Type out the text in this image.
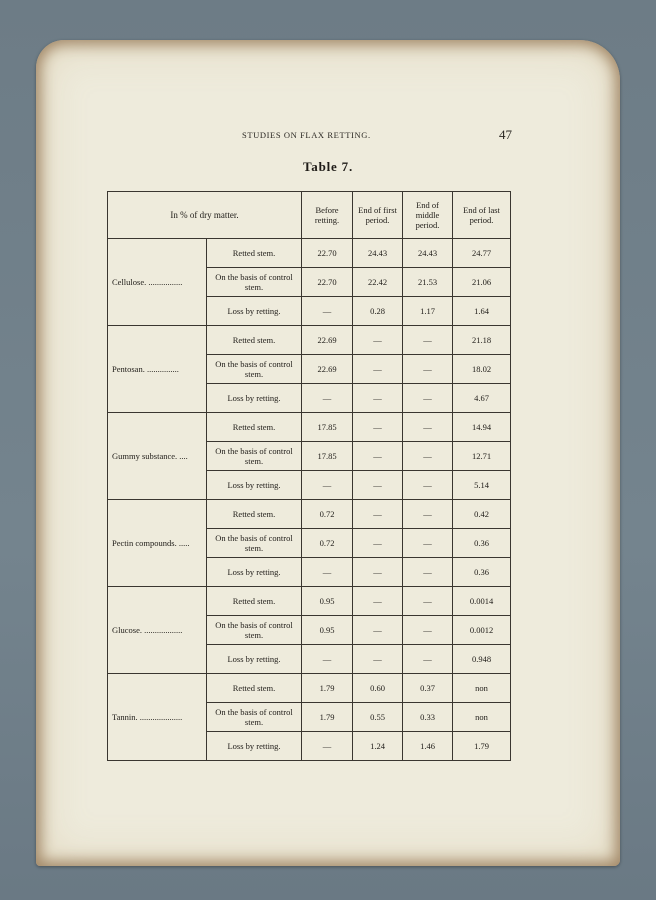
STUDIES ON FLAX RETTING.	47
Table 7.
In % of dry matter.		Before retting.	End of first period.	End of middle period.	End of last period.
Cellulose. ................	Retted stem.	22.70	24.43	24.43	24.77
	On the basis of control stem.	22.70	22.42	21.53	21.06
	Loss by retting.	—	0.28	1.17	1.64
Pentosan. ...............	Retted stem.	22.69	—	—	21.18
	On the basis of control stem.	22.69	—	—	18.02
	Loss by retting.	—	—	—	4.67
Gummy substance. ....	Retted stem.	17.85	—	—	14.94
	On the basis of control stem.	17.85	—	—	12.71
	Loss by retting.	—	—	—	5.14
Pectin compounds. .....	Retted stem.	0.72	—	—	0.42
	On the basis of control stem.	0.72	—	—	0.36
	Loss by retting.	—	—	—	0.36
Glucose. ..................	Retted stem.	0.95	—	—	0.0014
	On the basis of control stem.	0.95	—	—	0.0012
	Loss by retting.	—	—	—	0.948
Tannin. ....................	Retted stem.	1.79	0.60	0.37	non
	On the basis of control stem.	1.79	0.55	0.33	non
	Loss by retting.	—	1.24	1.46	1.79
